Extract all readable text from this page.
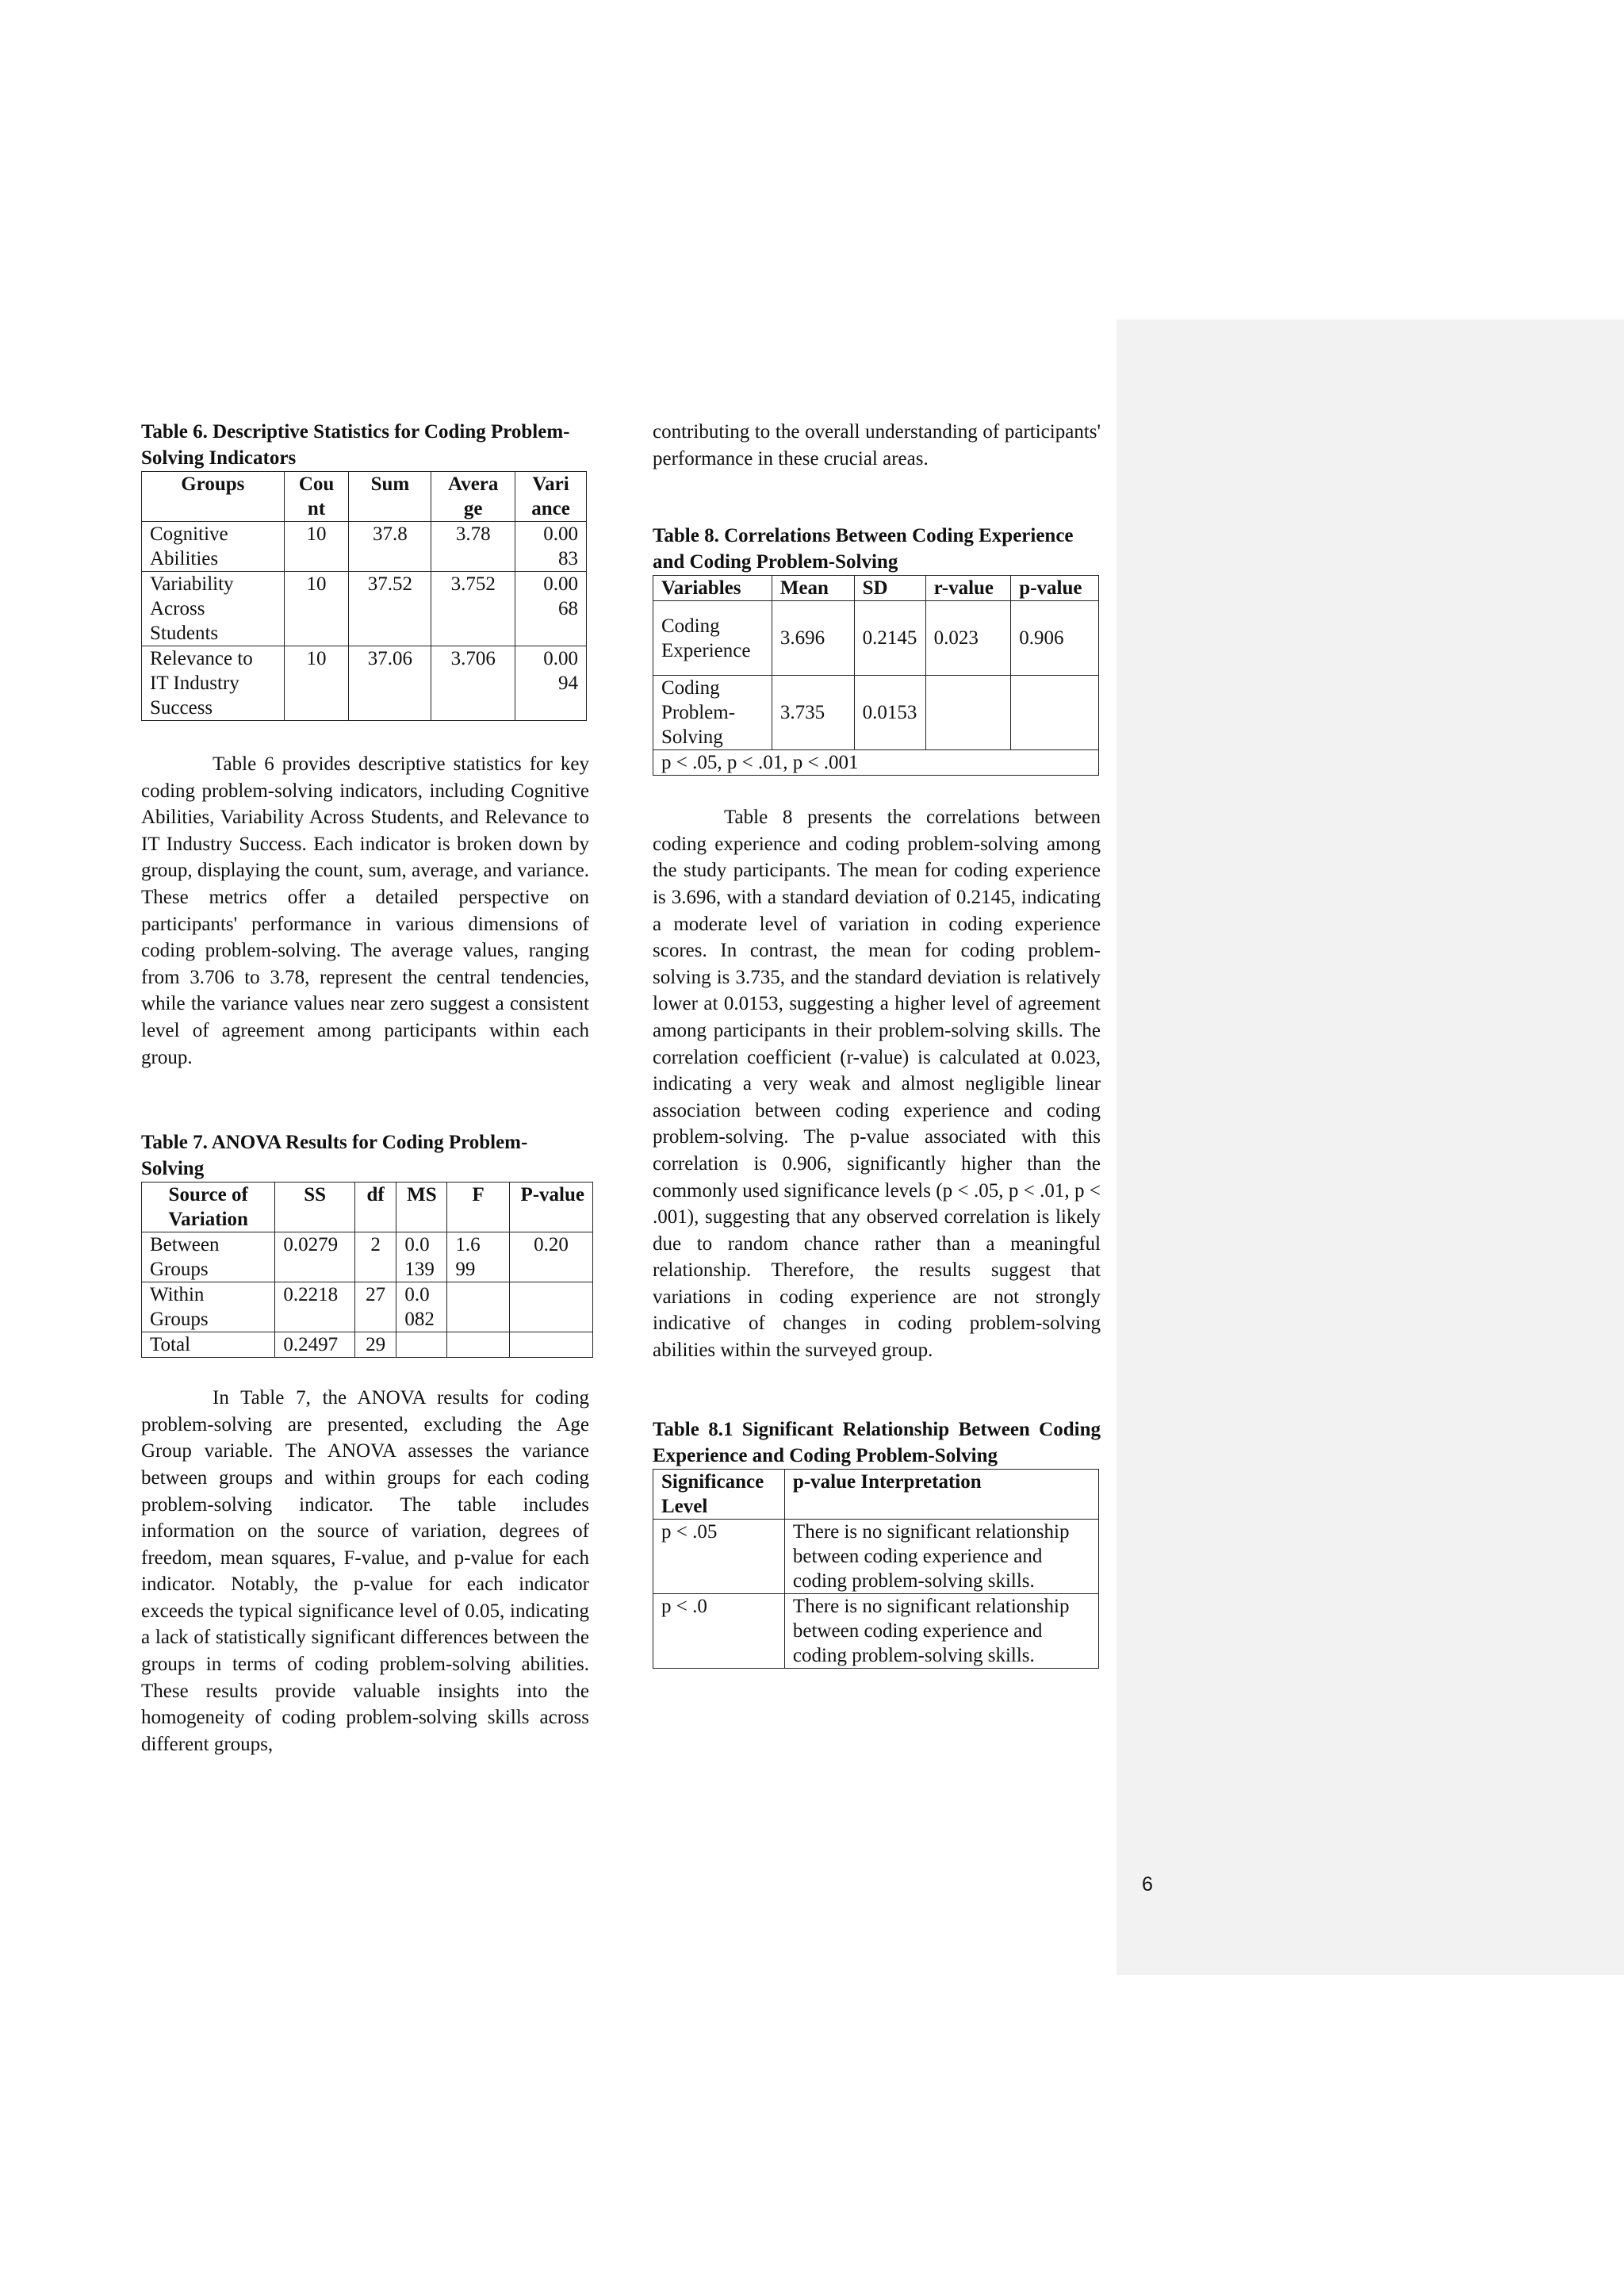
6

Table 6. Descriptive Statistics for Coding Problem-Solving Indicators

Groups	Cou nt	Sum	Avera ge	Vari ance
Cognitive Abilities	10	37.8	3.78	0.00 83
Variability Across Students	10	37.52	3.752	0.00 68
Relevance to IT Industry Success	10	37.06	3.706	0.00 94

Table 6 provides descriptive statistics for key coding problem-solving indicators, including Cognitive Abilities, Variability Across Students, and Relevance to IT Industry Success. Each indicator is broken down by group, displaying the count, sum, average, and variance. These metrics offer a detailed perspective on participants' performance in various dimensions of coding problem-solving. The average values, ranging from 3.706 to 3.78, represent the central tendencies, while the variance values near zero suggest a consistent level of agreement among participants within each group.

Table 7. ANOVA Results for Coding Problem-Solving

Source of Variation	SS	df	MS	F	P-value
Between Groups	0.0279	2	0.0 139	1.6 99	0.20
Within Groups	0.2218	27	0.0 082		
Total	0.2497	29			

In Table 7, the ANOVA results for coding problem-solving are presented, excluding the Age Group variable. The ANOVA assesses the variance between groups and within groups for each coding problem-solving indicator. The table includes information on the source of variation, degrees of freedom, mean squares, F-value, and p-value for each indicator. Notably, the p-value for each indicator exceeds the typical significance level of 0.05, indicating a lack of statistically significant differences between the groups in terms of coding problem-solving abilities. These results provide valuable insights into the homogeneity of coding problem-solving skills across different groups,

contributing to the overall understanding of participants' performance in these crucial areas.

Table 8. Correlations Between Coding Experience and Coding Problem-Solving

Variables	Mean	SD	r-value	p-value
Coding Experience	3.696	0.2145	0.023	0.906
Coding Problem-Solving	3.735	0.0153		
p < .05, p < .01, p < .001				

Table 8 presents the correlations between coding experience and coding problem-solving among the study participants. The mean for coding experience is 3.696, with a standard deviation of 0.2145, indicating a moderate level of variation in coding experience scores. In contrast, the mean for coding problem-solving is 3.735, and the standard deviation is relatively lower at 0.0153, suggesting a higher level of agreement among participants in their problem-solving skills. The correlation coefficient (r-value) is calculated at 0.023, indicating a very weak and almost negligible linear association between coding experience and coding problem-solving. The p-value associated with this correlation is 0.906, significantly higher than the commonly used significance levels (p < .05, p < .01, p < .001), suggesting that any observed correlation is likely due to random chance rather than a meaningful relationship. Therefore, the results suggest that variations in coding experience are not strongly indicative of changes in coding problem-solving abilities within the surveyed group.

Table 8.1 Significant Relationship Between Coding Experience and Coding Problem-Solving

Significance Level	p-value Interpretation
p < .05	There is no significant relationship between coding experience and coding problem-solving skills.
p < .0	There is no significant relationship between coding experience and coding problem-solving skills.
